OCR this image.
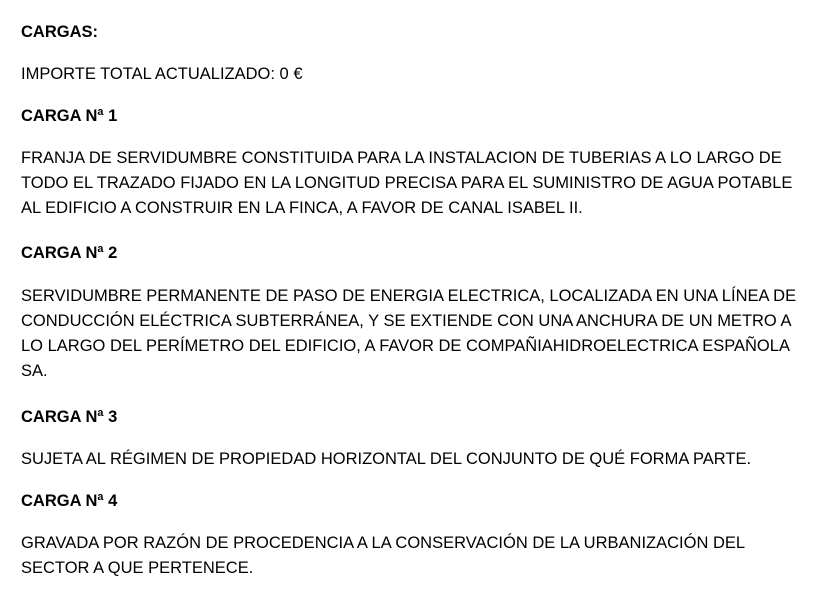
CARGAS:
IMPORTE TOTAL ACTUALIZADO: 0 €
CARGA Nª 1
FRANJA DE SERVIDUMBRE CONSTITUIDA PARA LA INSTALACION DE TUBERIAS A LO LARGO DE
TODO EL TRAZADO FIJADO EN LA LONGITUD PRECISA PARA EL SUMINISTRO DE AGUA POTABLE
AL EDIFICIO A CONSTRUIR EN LA FINCA, A FAVOR DE CANAL ISABEL II.
CARGA Nª 2
SERVIDUMBRE PERMANENTE DE PASO DE ENERGIA ELECTRICA, LOCALIZADA EN UNA LÍNEA DE
CONDUCCIÓN ELÉCTRICA SUBTERRÁNEA, Y SE EXTIENDE CON UNA ANCHURA DE UN METRO A
LO LARGO DEL PERÍMETRO DEL EDIFICIO, A FAVOR DE COMPAÑIAHIDROELECTRICA ESPAÑOLA
SA.
CARGA Nª 3
SUJETA AL RÉGIMEN DE PROPIEDAD HORIZONTAL DEL CONJUNTO DE QUÉ FORMA PARTE.
CARGA Nª 4
GRAVADA POR RAZÓN DE PROCEDENCIA A LA CONSERVACIÓN DE LA URBANIZACIÓN DEL
SECTOR A QUE PERTENECE.
